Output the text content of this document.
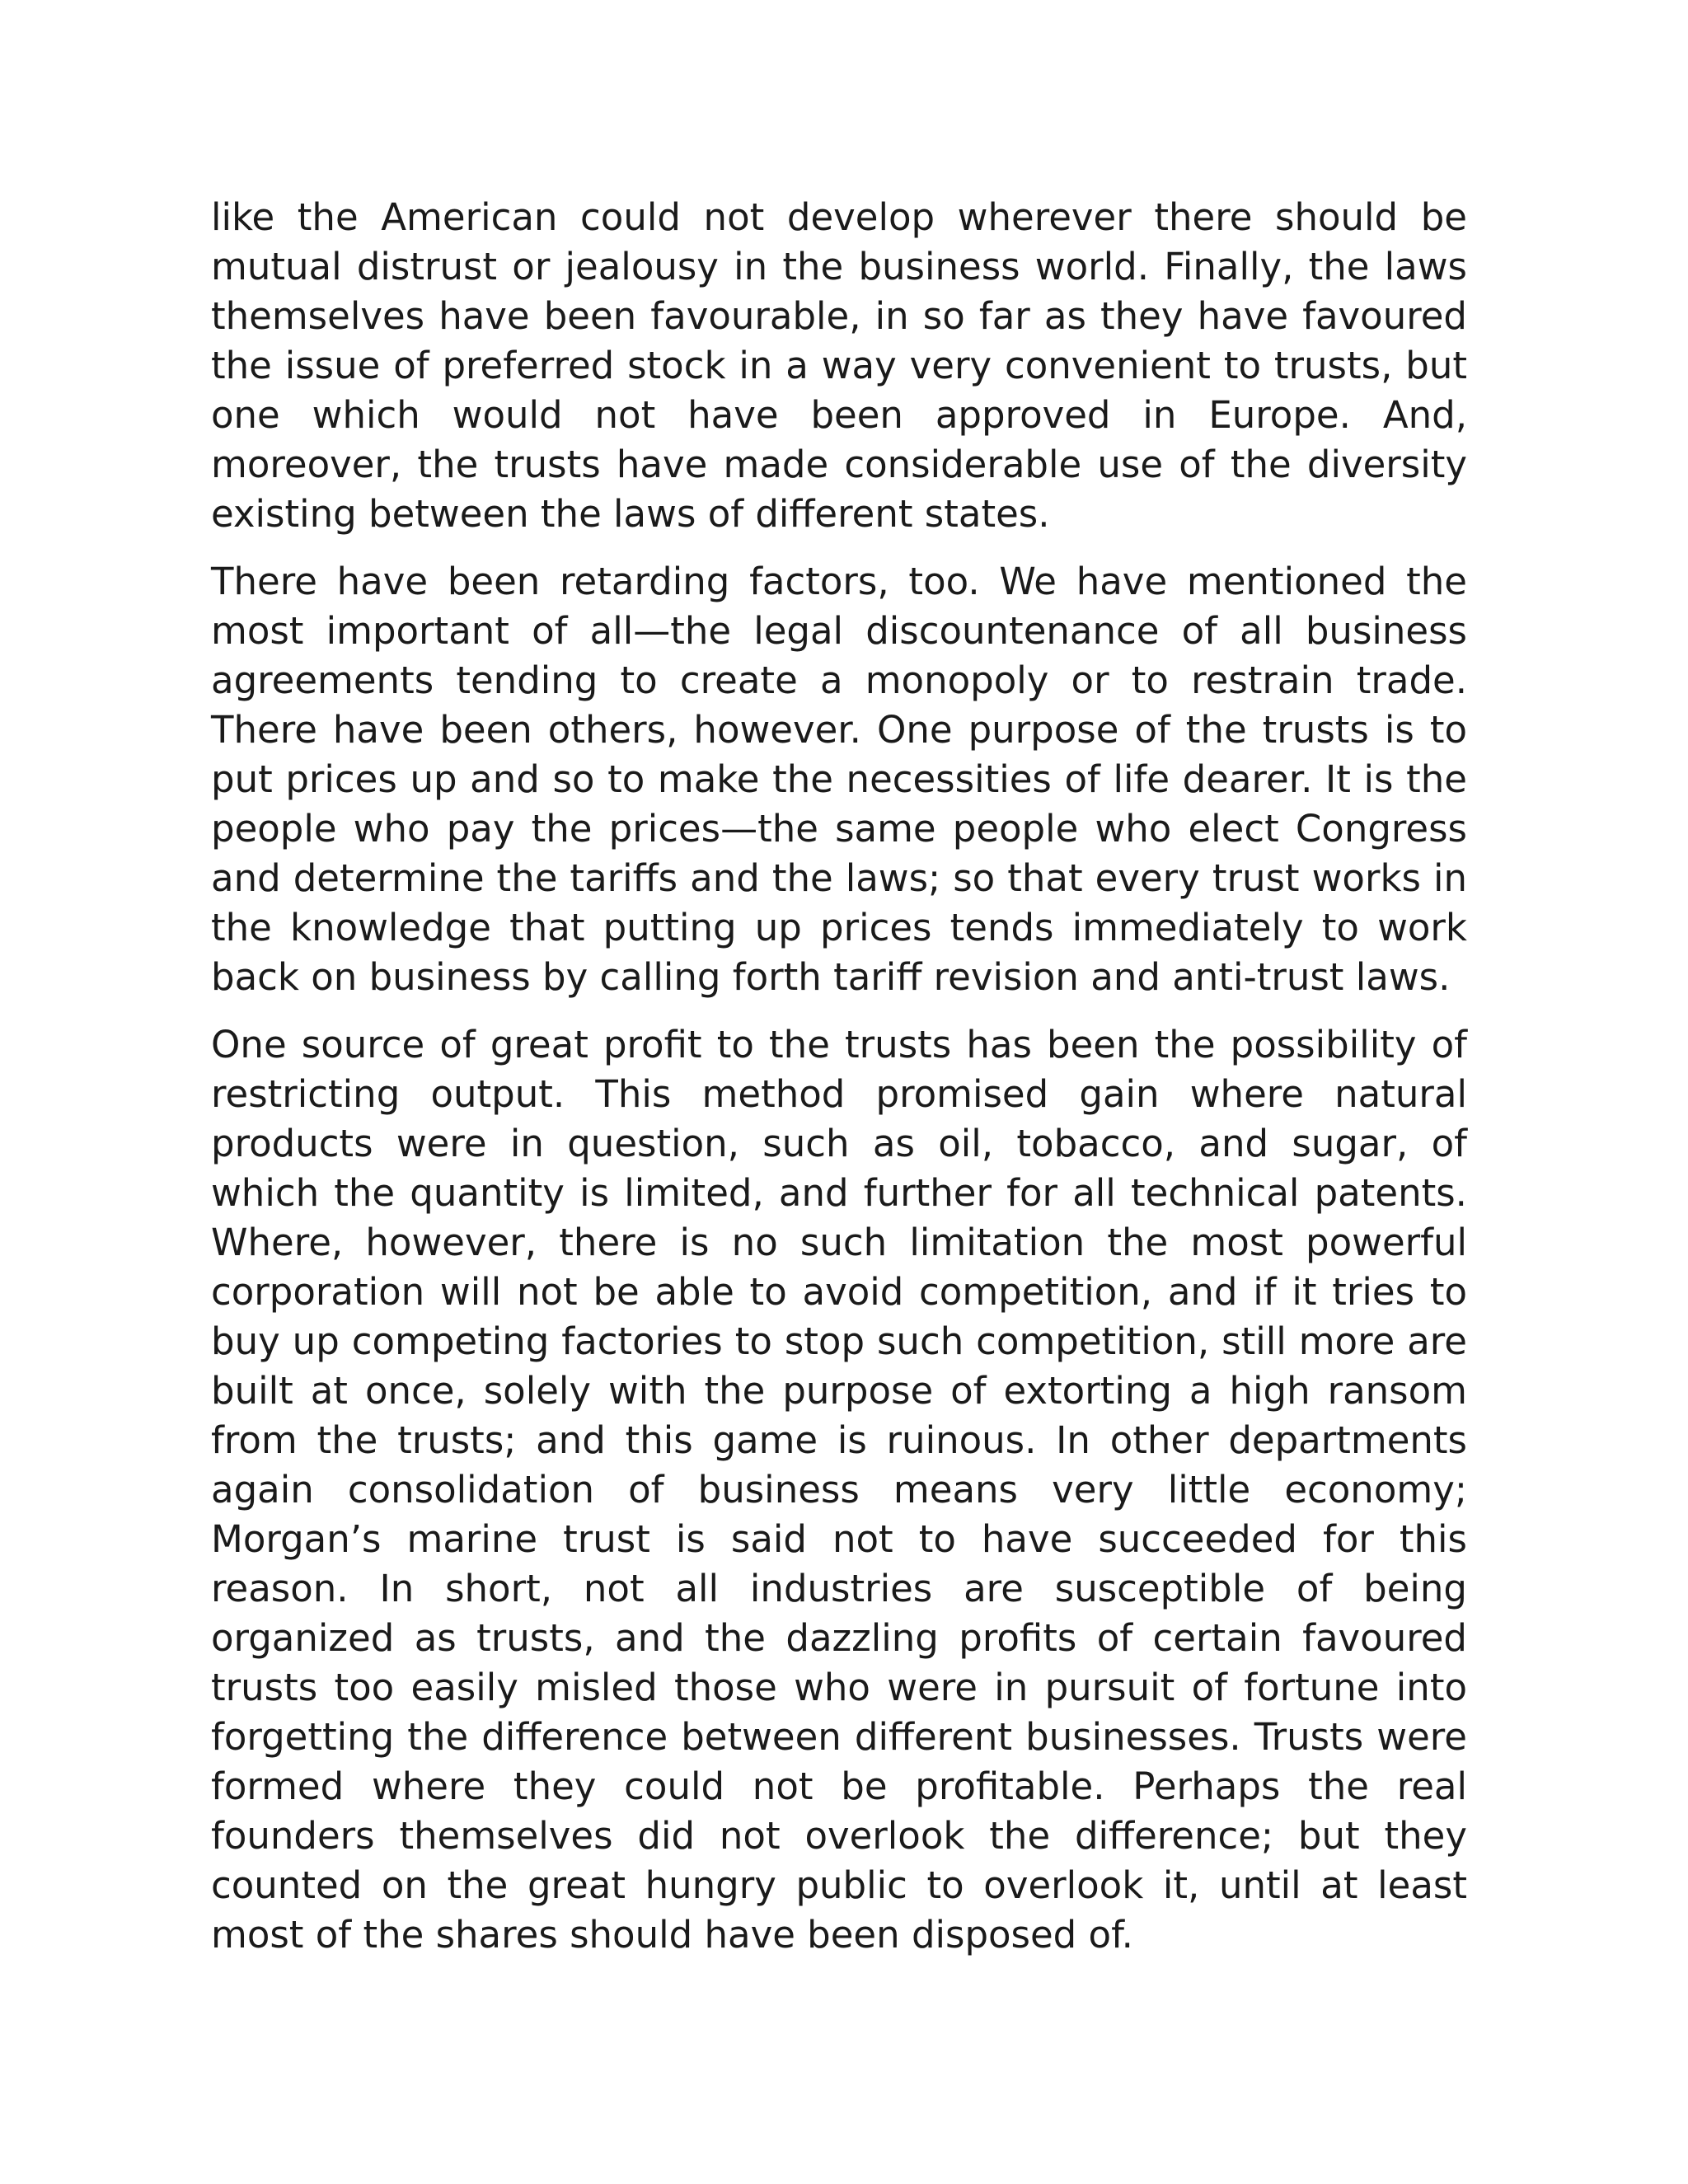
like the American could not develop wherever there should be mutual distrust or jealousy in the business world. Finally, the laws themselves have been favourable, in so far as they have favoured the issue of preferred stock in a way very convenient to trusts, but one which would not have been approved in Europe. And, moreover, the trusts have made considerable use of the diversity existing between the laws of different states.

There have been retarding factors, too. We have mentioned the most important of all—the legal discountenance of all business agreements tending to create a monopoly or to restrain trade. There have been others, however. One purpose of the trusts is to put prices up and so to make the necessities of life dearer. It is the people who pay the prices—the same people who elect Congress and determine the tariffs and the laws; so that every trust works in the knowledge that putting up prices tends immediately to work back on business by calling forth tariff revision and anti-trust laws.

One source of great profit to the trusts has been the possibility of restricting output. This method promised gain where natural products were in question, such as oil, tobacco, and sugar, of which the quantity is limited, and further for all technical patents. Where, however, there is no such limitation the most powerful corporation will not be able to avoid competition, and if it tries to buy up competing factories to stop such competition, still more are built at once, solely with the purpose of extorting a high ransom from the trusts; and this game is ruinous. In other departments again consolidation of business means very little economy; Morgan’s marine trust is said not to have succeeded for this reason. In short, not all industries are susceptible of being organized as trusts, and the dazzling profits of certain favoured trusts too easily misled those who were in pursuit of fortune into forgetting the difference between different businesses. Trusts were formed where they could not be profitable. Perhaps the real founders themselves did not overlook the difference; but they counted on the great hungry public to overlook it, until at least most of the shares should have been disposed of.
